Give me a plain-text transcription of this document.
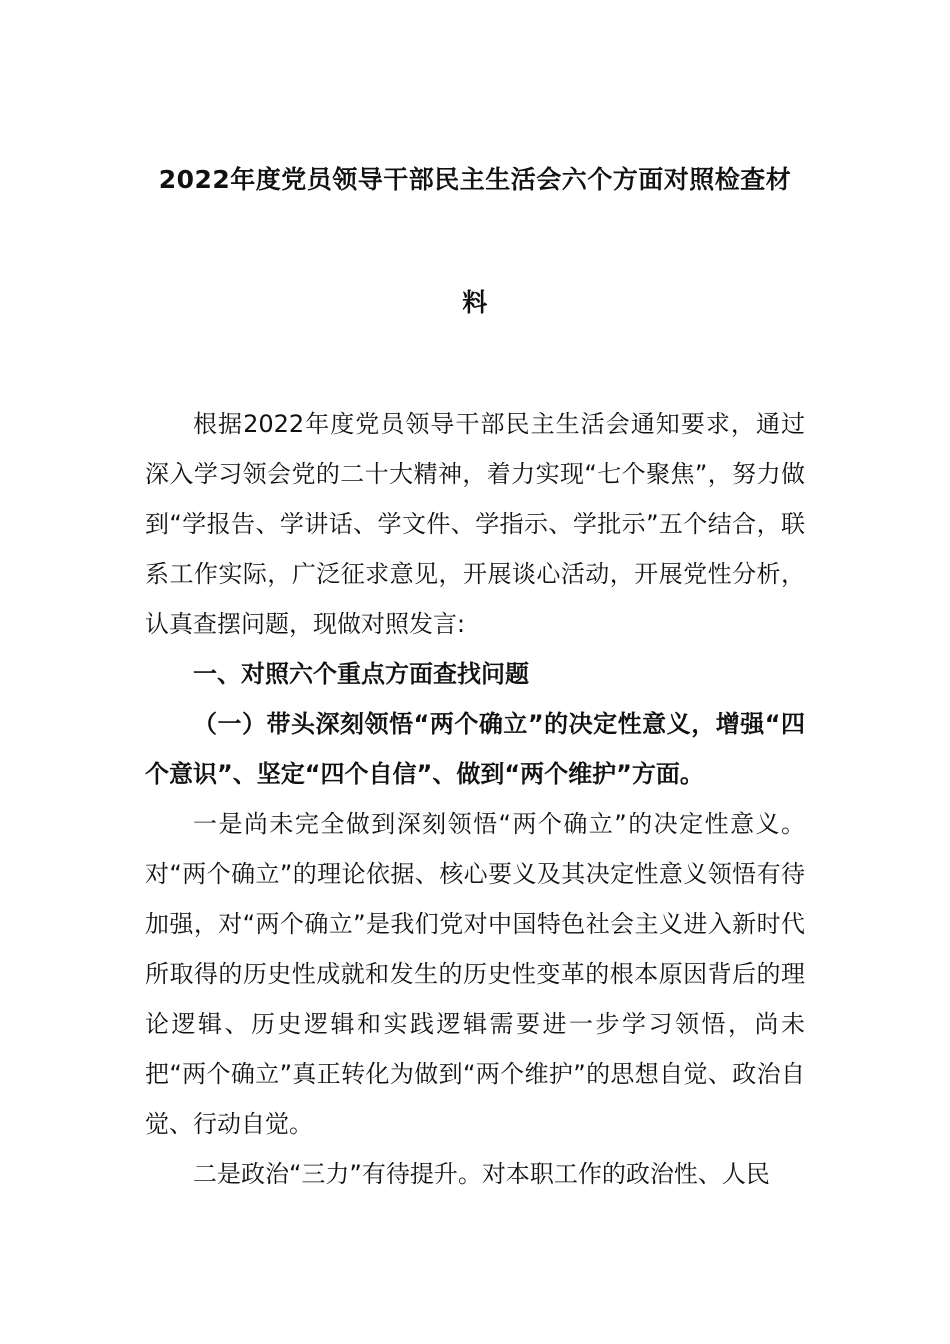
2022年度党员领导干部民主生活会六个方面对照检查材
料

根据2022年度党员领导干部民主生活会通知要求，通过深入学习领会党的二十大精神，着力实现“七个聚焦”，努力做到“学报告、学讲话、学文件、学指示、学批示”五个结合，联系工作实际，广泛征求意见，开展谈心活动，开展党性分析，认真查摆问题，现做对照发言:

一、对照六个重点方面查找问题

（一）带头深刻领悟“两个确立”的决定性意义，增强“四个意识”、坚定“四个自信”、做到“两个维护”方面。

一是尚未完全做到深刻领悟“两个确立”的决定性意义。对“两个确立”的理论依据、核心要义及其决定性意义领悟有待加强，对“两个确立”是我们党对中国特色社会主义进入新时代所取得的历史性成就和发生的历史性变革的根本原因背后的理论逻辑、历史逻辑和实践逻辑需要进一步学习领悟，尚未把“两个确立”真正转化为做到“两个维护”的思想自觉、政治自觉、行动自觉。

二是政治“三力”有待提升。对本职工作的政治性、人民
